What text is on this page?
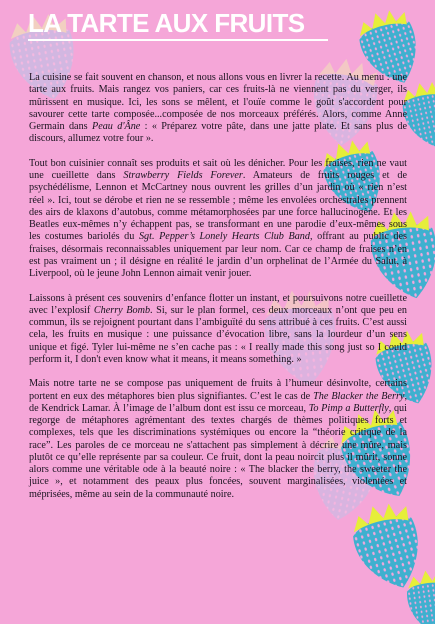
LA TARTE AUX FRUITS

La cuisine se fait souvent en chanson, et nous allons vous en livrer la recette. Au menu : une tarte aux fruits. Mais rangez vos paniers, car ces fruits-là ne viennent pas du verger, ils mûrissent en musique. Ici, les sons se mêlent, et l'ouïe comme le goût s'accordent pour savourer cette tarte composée...composée de nos morceaux préférés. Alors, comme Anne Germain dans Peau d'Âne : « Préparez votre pâte, dans une jatte plate. Et sans plus de discours, allumez votre four ».

Tout bon cuisinier connaît ses produits et sait où les dénicher. Pour les fraises, rien ne vaut une cueillette dans Strawberry Fields Forever. Amateurs de fruits rouges et de psychédélisme, Lennon et McCartney nous ouvrent les grilles d’un jardin où « rien n’est réel ». Ici, tout se dérobe et rien ne se ressemble ; même les envolées orchestrales prennent des airs de klaxons d’autobus, comme métamorphosées par une force hallucinogène. Et les Beatles eux-mêmes n’y échappent pas, se transformant en une parodie d’eux-mêmes sous les costumes bariolés du Sgt. Pepper’s Lonely Hearts Club Band, offrant au public des fraises, désormais reconnaissables uniquement par leur nom. Car ce champ de fraises n’en est pas vraiment un ; il désigne en réalité le jardin d’un orphelinat de l’Armée du Salut, à Liverpool, où le jeune John Lennon aimait venir jouer.

Laissons à présent ces souvenirs d’enfance flotter un instant, et poursuivons notre cueillette avec l’explosif Cherry Bomb. Si, sur le plan formel, ces deux morceaux n’ont que peu en commun, ils se rejoignent pourtant dans l’ambiguïté du sens attribué à ces fruits. C’est aussi cela, les fruits en musique : une puissance d’évocation libre, sans la lourdeur d’un sens unique et figé. Tyler lui-même ne s’en cache pas : « I really made this song just so I could perform it, I don't even know what it means, it means something. »

Mais notre tarte ne se compose pas uniquement de fruits à l’humeur désinvolte, certains portent en eux des métaphores bien plus signifiantes. C’est le cas de The Blacker the Berry, de Kendrick Lamar. À l’image de l’album dont est issu ce morceau, To Pimp a Butterfly, qui regorge de métaphores agrémentant des textes chargés de thèmes politiques forts et complexes, tels que les discriminations systémiques ou encore la “théorie critique de la race”. Les paroles de ce morceau ne s'attachent pas simplement à décrire une mûre, mais plutôt ce qu’elle représente par sa couleur. Ce fruit, dont la peau noircit plus il mûrit, sonne alors comme une véritable ode à la beauté noire : « The blacker the berry, the sweeter the juice », et notamment des peaux plus foncées, souvent marginalisées, violentées et méprisées, même au sein de la communauté noire.
